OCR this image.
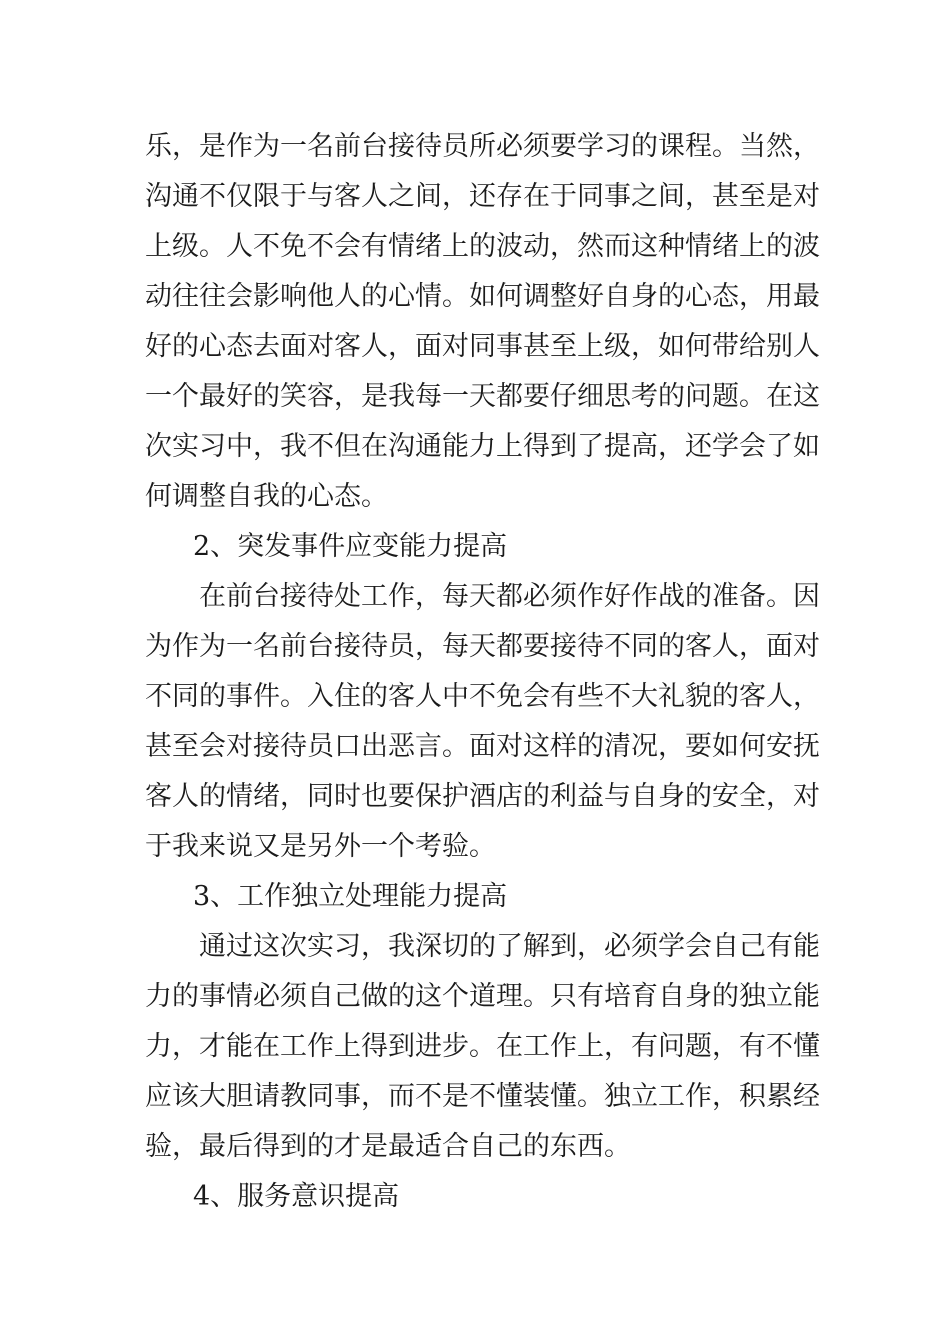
乐，是作为一名前台接待员所必须要学习的课程。当然，
沟通不仅限于与客人之间，还存在于同事之间，甚至是对
上级。人不免不会有情绪上的波动，然而这种情绪上的波
动往往会影响他人的心情。如何调整好自身的心态，用最
好的心态去面对客人，面对同事甚至上级，如何带给别人
一个最好的笑容，是我每一天都要仔细思考的问题。在这
次实习中，我不但在沟通能力上得到了提高，还学会了如
何调整自我的心态。
2、突发事件应变能力提高
在前台接待处工作，每天都必须作好作战的准备。因
为作为一名前台接待员，每天都要接待不同的客人，面对
不同的事件。入住的客人中不免会有些不大礼貌的客人，
甚至会对接待员口出恶言。面对这样的清况，要如何安抚
客人的情绪，同时也要保护酒店的利益与自身的安全，对
于我来说又是另外一个考验。
3、工作独立处理能力提高
通过这次实习，我深切的了解到，必须学会自己有能
力的事情必须自己做的这个道理。只有培育自身的独立能
力，才能在工作上得到进步。在工作上，有问题，有不懂
应该大胆请教同事，而不是不懂装懂。独立工作，积累经
验，最后得到的才是最适合自己的东西。
4、服务意识提高
